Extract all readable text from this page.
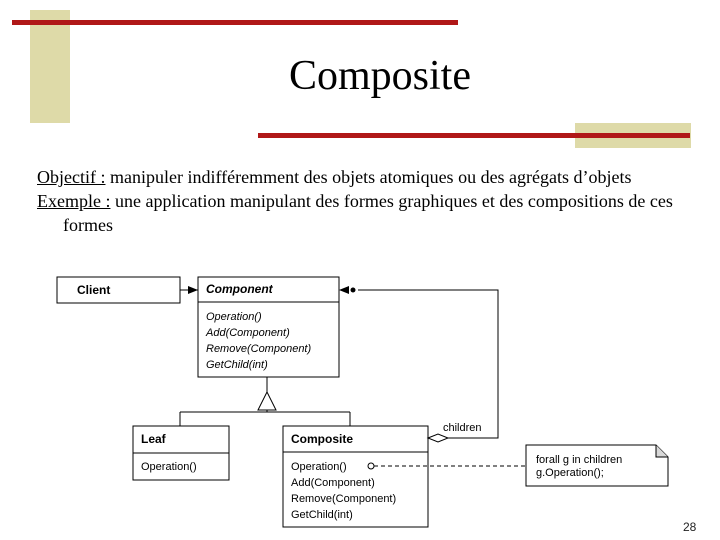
Composite

Objectif : manipuler indifféremment des objets atomiques ou des agrégats d’objets

Exemple : une application manipulant des formes graphiques et des compositions de ces formes

Client	Component
Operation()
Add(Component)
Remove(Component)
GetChild(int)
Leaf
Operation()
Composite
Operation()
Add(Component)
Remove(Component)
GetChild(int)
children
forall g in children
g.Operation();
28
